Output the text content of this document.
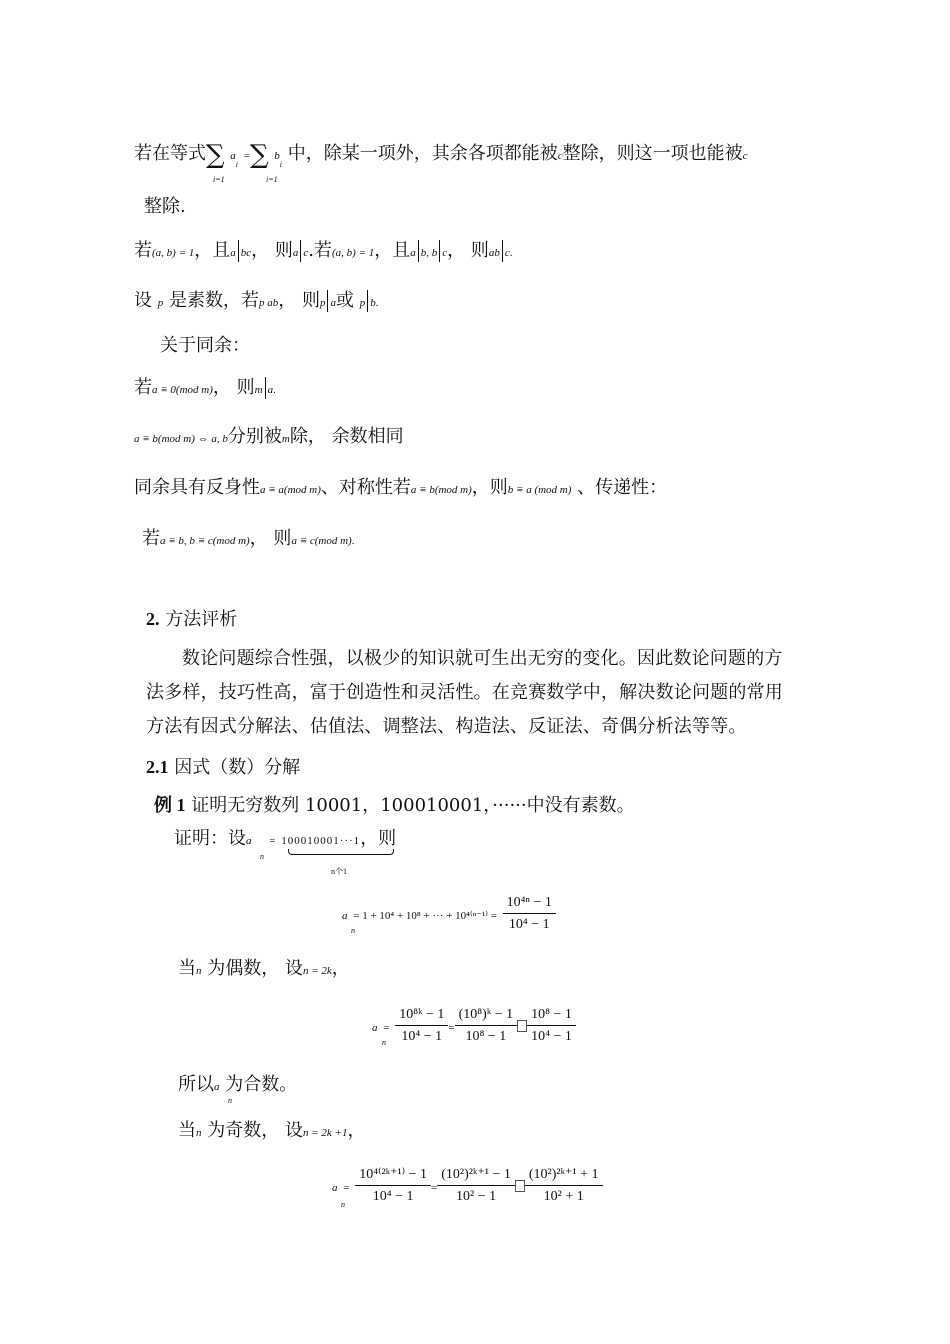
若在等式∑ $a_i$ =∑ $b_i$ 中，除某一项外，其余各项都能被c整除，则这一项也能被c
i=1	i=1
整除.
若(a, b) = 1，且a bc， 则a c.若(a, b) = 1，且a b, b c， 则ab c.
设 p 是素数，若p ab， 则p a或 p b.
关于同余：
若a ≡ 0(mod m)， 则m a.
a ≡ b(mod m) ⇔ a, b分别被m除， 余数相同
同余具有反身性a ≡ a(mod m)、对称性若a ≡ b(mod m)，则b ≡ a (mod m) 、传递性：
若a ≡ b, b ≡ c(mod m)， 则a ≡ c(mod m).
2. 方法评析
数论问题综合性强，以极少的知识就可生出无穷的变化。因此数论问题的方
法多样，技巧性高，富于创造性和灵活性。在竞赛数学中，解决数论问题的常用
方法有因式分解法、估值法、调整法、构造法、反证法、奇偶分析法等等。
2.1 因式（数）分解
例 1 证明无穷数列 10001，100010001，······中没有素数。
证明：设a = 100010001···1，则
n
n个1
a = 1 + 10⁴ + 10⁸ + ··· + $10^{4(n-1)} = \frac{\text{10⁴ⁿ − 1}}{\text{10⁴ − 1}}$
n
当n 为偶数， 设n = 2k，
$a = \frac{\text{10⁸ᵏ − 1}}{\text{10⁴ − 1}} = \frac{\text{(10⁸)ᵏ − 1}}{\text{10⁸ − 1}} \frac{\text{10⁸ − 1}}{\text{10⁴ − 1}}$
n
所以a 为合数。
n
当n 为奇数， 设n = 2k +1，
$a = \frac{\text{10⁴⁽²ᵏ⁺¹⁾ − 1}}{\text{10⁴ − 1}} = \frac{\text{(10²)²ᵏ⁺¹ − 1}}{\text{10² − 1}} \frac{\text{(10²)²ᵏ⁺¹ + 1}}{\text{10² + 1}}$
n
